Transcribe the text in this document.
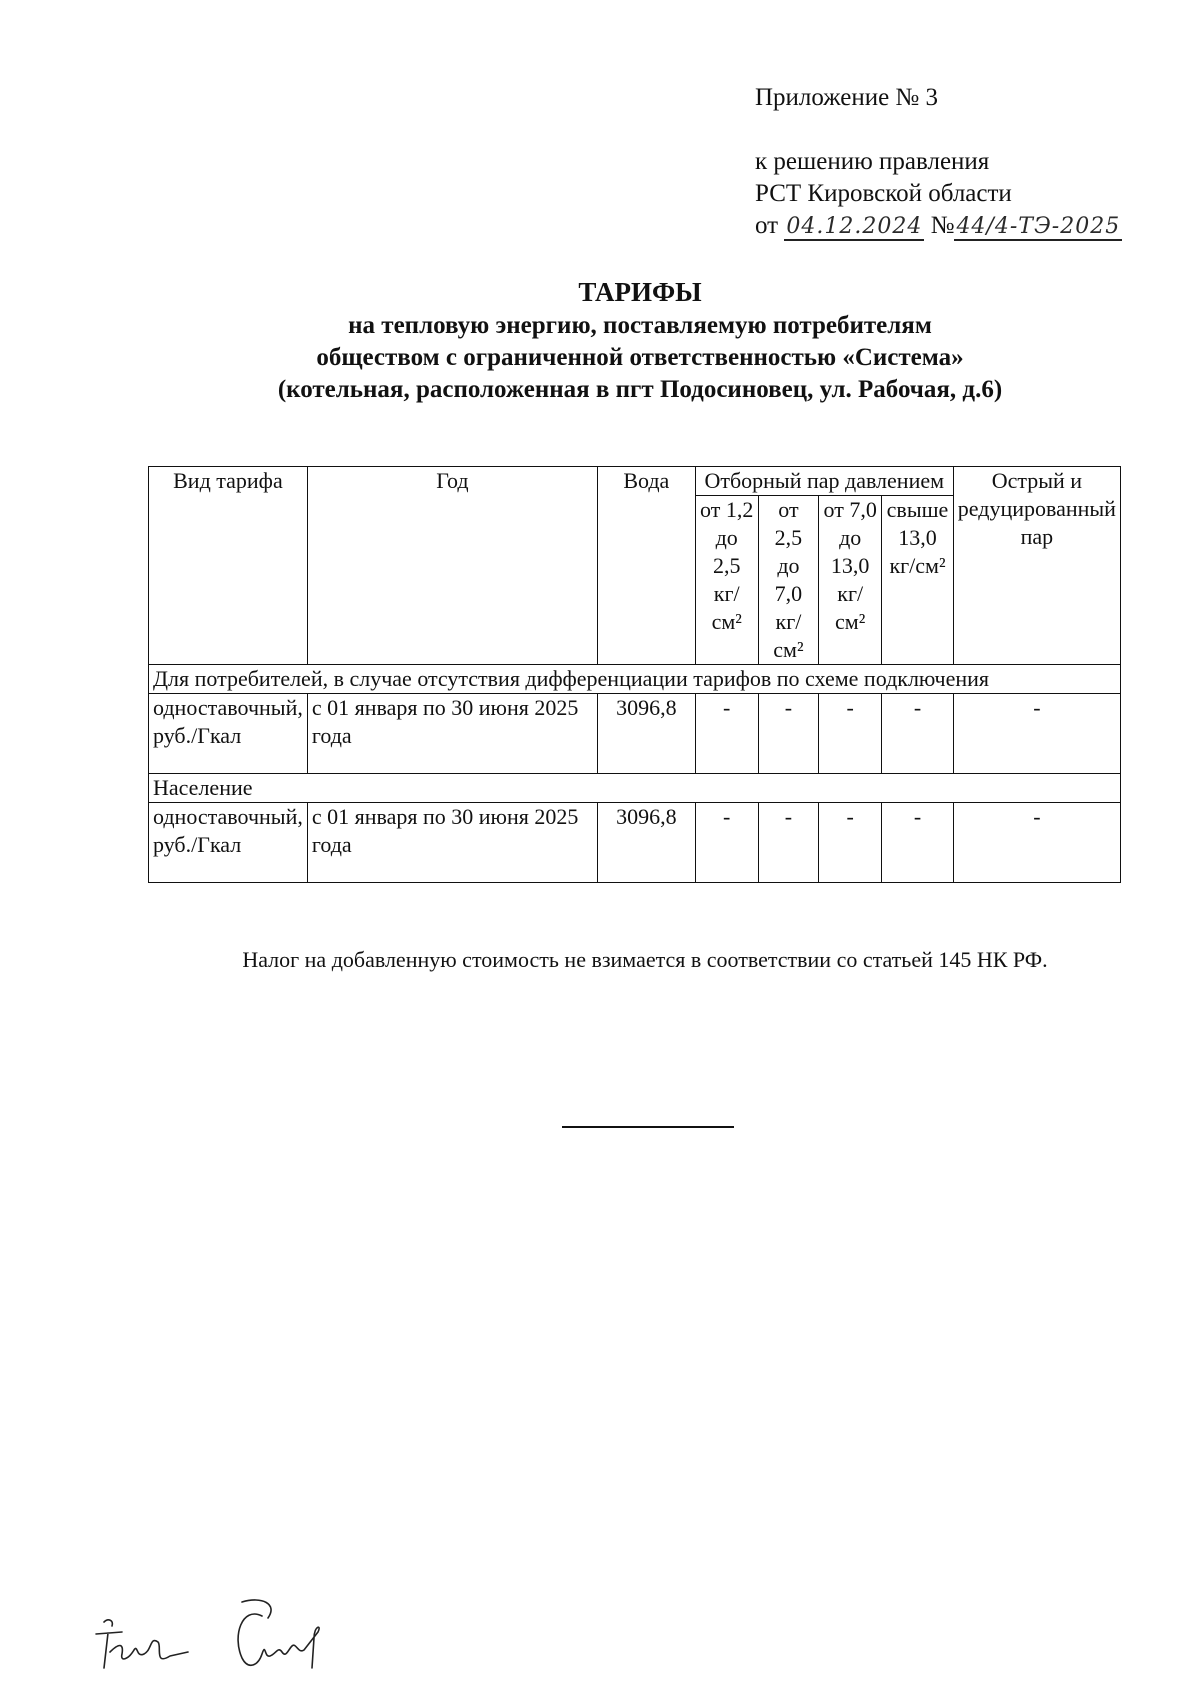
Приложение № 3
к решению правления
РСТ Кировской области
от 04.12.2024 №44/4-ТЭ-2025
ТАРИФЫ
на тепловую энергию, поставляемую потребителям
обществом с ограниченной ответственностью «Система»
(котельная, расположенная в пгт Подосиновец, ул. Рабочая, д.6)
Вид тарифа	Год	Вода	Отборный пар давлением				Острый и редуцированный пар
			от 1,2 до 2,5 кг/см²	от 2,5 до 7,0 кг/см²	от 7,0 до 13,0 кг/см²	свыше 13,0 кг/см²	
Для потребителей, в случае отсутствия дифференциации тарифов по схеме подключения							
одноставочный, руб./Гкал	с 01 января по 30 июня 2025 года	3096,8	-	-	-	-	-
Население							
одноставочный, руб./Гкал	с 01 января по 30 июня 2025 года	3096,8	-	-	-	-	-
Налог на добавленную стоимость не взимается в соответствии со статьей 145 НК РФ.
